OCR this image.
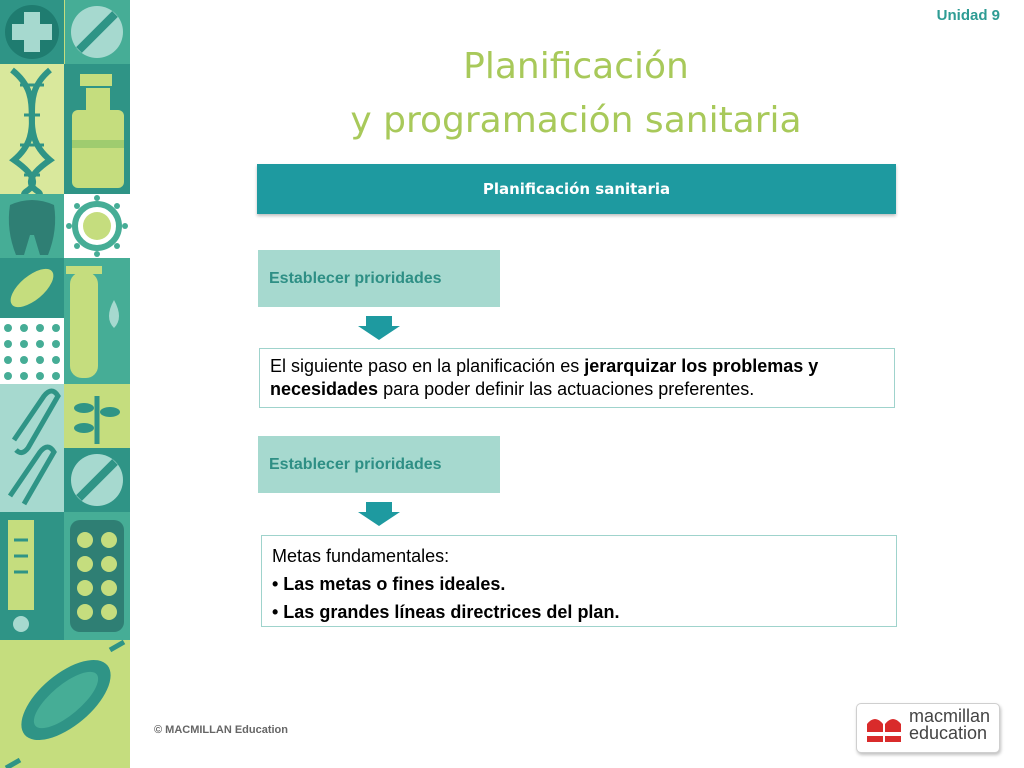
Unidad 9
Planificación
y programación sanitaria
Planificación sanitaria
Establecer prioridades
El siguiente paso en la planificación es jerarquizar los problemas y necesidades para poder definir las actuaciones preferentes.
Establecer prioridades
Metas fundamentales:
• Las metas o fines ideales.
• Las grandes líneas directrices del plan.
© MACMILLAN Education
macmillan
education
